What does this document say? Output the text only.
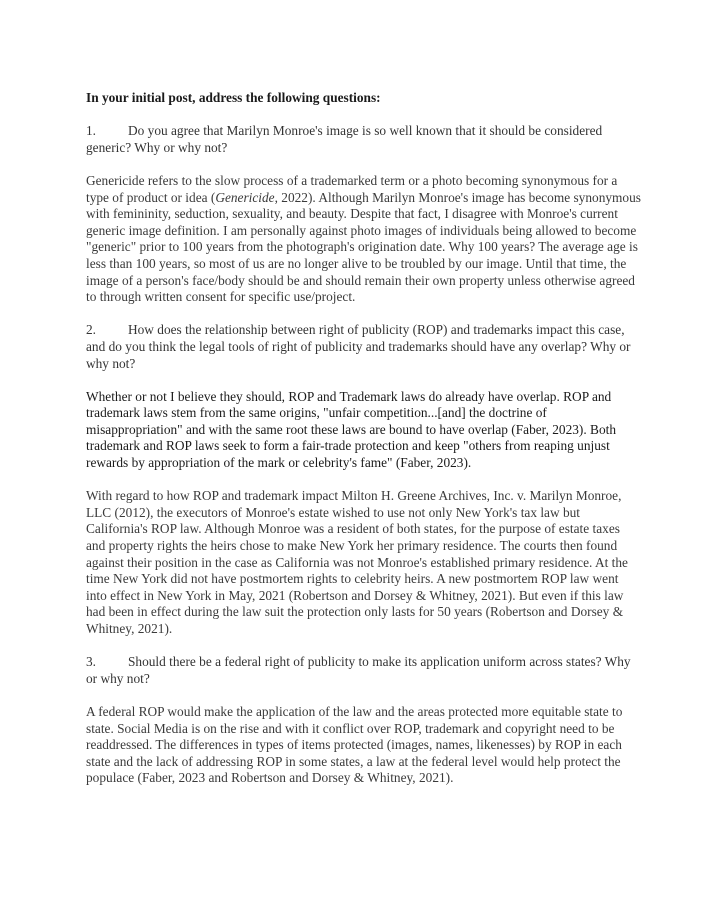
In your initial post, address the following questions:

1. Do you agree that Marilyn Monroe's image is so well known that it should be considered generic? Why or why not?

Genericide refers to the slow process of a trademarked term or a photo becoming synonymous for a type of product or idea (Genericide, 2022). Although Marilyn Monroe's image has become synonymous with femininity, seduction, sexuality, and beauty. Despite that fact, I disagree with Monroe's current generic image definition. I am personally against photo images of individuals being allowed to become "generic" prior to 100 years from the photograph's origination date. Why 100 years? The average age is less than 100 years, so most of us are no longer alive to be troubled by our image. Until that time, the image of a person's face/body should be and should remain their own property unless otherwise agreed to through written consent for specific use/project.

2. How does the relationship between right of publicity (ROP) and trademarks impact this case, and do you think the legal tools of right of publicity and trademarks should have any overlap? Why or why not?

Whether or not I believe they should, ROP and Trademark laws do already have overlap. ROP and trademark laws stem from the same origins, "unfair competition...[and] the doctrine of misappropriation" and with the same root these laws are bound to have overlap (Faber, 2023). Both trademark and ROP laws seek to form a fair-trade protection and keep "others from reaping unjust rewards by appropriation of the mark or celebrity's fame" (Faber, 2023).

With regard to how ROP and trademark impact Milton H. Greene Archives, Inc. v. Marilyn Monroe, LLC (2012), the executors of Monroe's estate wished to use not only New York's tax law but California's ROP law. Although Monroe was a resident of both states, for the purpose of estate taxes and property rights the heirs chose to make New York her primary residence. The courts then found against their position in the case as California was not Monroe's established primary residence. At the time New York did not have postmortem rights to celebrity heirs. A new postmortem ROP law went into effect in New York in May, 2021 (Robertson and Dorsey & Whitney, 2021). But even if this law had been in effect during the law suit the protection only lasts for 50 years (Robertson and Dorsey & Whitney, 2021).

3. Should there be a federal right of publicity to make its application uniform across states? Why or why not?

A federal ROP would make the application of the law and the areas protected more equitable state to state. Social Media is on the rise and with it conflict over ROP, trademark and copyright need to be readdressed. The differences in types of items protected (images, names, likenesses) by ROP in each state and the lack of addressing ROP in some states, a law at the federal level would help protect the populace (Faber, 2023 and Robertson and Dorsey & Whitney, 2021).
